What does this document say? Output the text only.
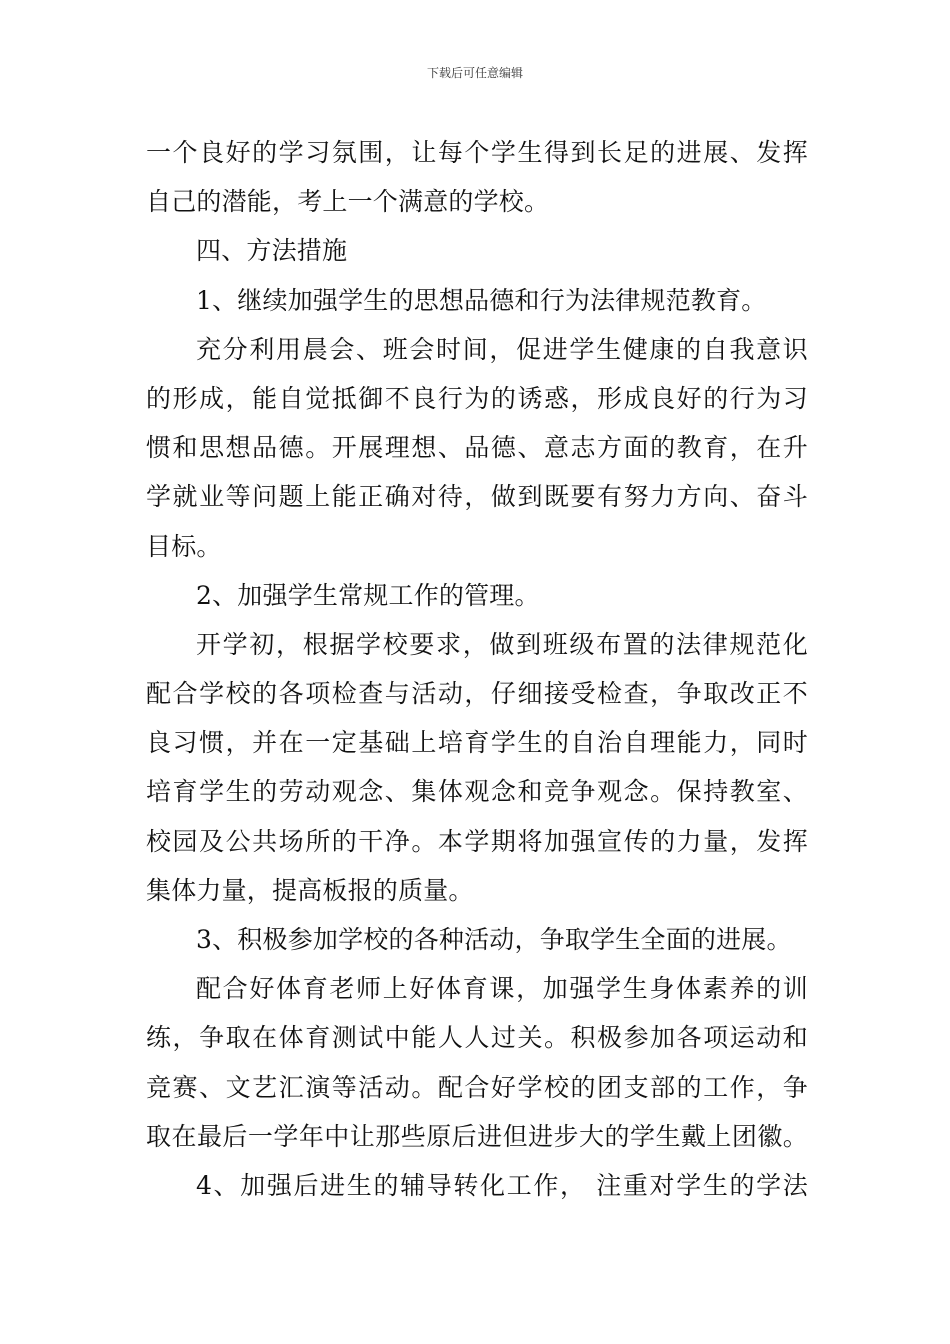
下载后可任意编辑
一个良好的学习氛围，让每个学生得到长足的进展、发挥
自己的潜能，考上一个满意的学校。
四、方法措施
1、继续加强学生的思想品德和行为法律规范教育。
充分利用晨会、班会时间，促进学生健康的自我意识
的形成，能自觉抵御不良行为的诱惑，形成良好的行为习
惯和思想品德。开展理想、品德、意志方面的教育，在升
学就业等问题上能正确对待，做到既要有努力方向、奋斗
目标。
2、加强学生常规工作的管理。
开学初，根据学校要求，做到班级布置的法律规范化
配合学校的各项检查与活动，仔细接受检查，争取改正不
良习惯，并在一定基础上培育学生的自治自理能力，同时
培育学生的劳动观念、集体观念和竞争观念。保持教室、
校园及公共场所的干净。本学期将加强宣传的力量，发挥
集体力量，提高板报的质量。
3、积极参加学校的各种活动，争取学生全面的进展。
配合好体育老师上好体育课，加强学生身体素养的训
练，争取在体育测试中能人人过关。积极参加各项运动和
竞赛、文艺汇演等活动。配合好学校的团支部的工作，争
取在最后一学年中让那些原后进但进步大的学生戴上团徽。
4、加强后进生的辅导转化工作， 注重对学生的学法
